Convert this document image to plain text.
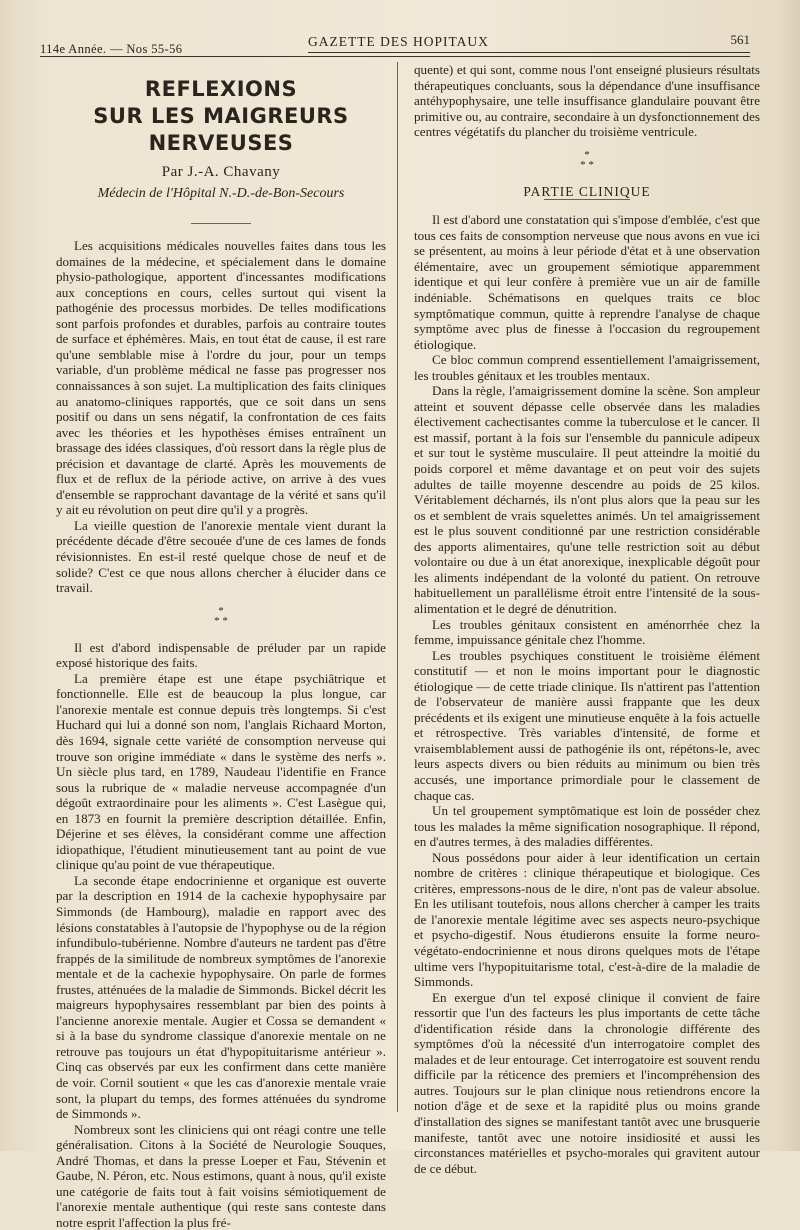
114e Année. — Nos 55-56	GAZETTE DES HOPITAUX	561
REFLEXIONS
SUR LES MAIGREURS NERVEUSES
Par J.-A. Chavany
Médecin de l'Hôpital N.-D.-de-Bon-Secours

Les acquisitions médicales nouvelles faites dans tous les domaines de la médecine, et spécialement dans le domaine physio-pathologique, apportent d'incessantes modifications aux conceptions en cours, celles surtout qui visent la pathogénie des processus morbides. De telles modifications sont parfois profondes et durables, parfois au contraire toutes de surface et éphémères. Mais, en tout état de cause, il est rare qu'une semblable mise à l'ordre du jour, pour un temps variable, d'un problème médical ne fasse pas progresser nos connaissances à son sujet. La multiplication des faits cliniques au anatomo-cliniques rapportés, que ce soit dans un sens positif ou dans un sens négatif, la confrontation de ces faits avec les théories et les hypothèses émises entraînent un brassage des idées classiques, d'où ressort dans la règle plus de précision et davantage de clarté. Après les mouvements de flux et de reflux de la période active, on arrive à des vues d'ensemble se rapprochant davantage de la vérité et sans qu'il y ait eu révolution on peut dire qu'il y a progrès.

La vieille question de l'anorexie mentale vient durant la précédente décade d'être secouée d'une de ces lames de fonds révisionnistes. En est-il resté quelque chose de neuf et de solide? C'est ce que nous allons chercher à élucider dans ce travail.

*
* *

Il est d'abord indispensable de préluder par un rapide exposé historique des faits.

La première étape est une étape psychiâtrique et fonctionnelle. Elle est de beaucoup la plus longue, car l'anorexie mentale est connue depuis très longtemps. Si c'est Huchard qui lui a donné son nom, l'anglais Richaard Morton, dès 1694, signale cette variété de consomption nerveuse qui trouve son origine immédiate « dans le système des nerfs ». Un siècle plus tard, en 1789, Naudeau l'identifie en France sous la rubrique de « maladie nerveuse accompagnée d'un dégoût extraordinaire pour les aliments ». C'est Lasègue qui, en 1873 en fournit la première description détaillée. Enfin, Déjerine et ses élèves, la considérant comme une affection idiopathique, l'étudient minutieusement tant au point de vue clinique qu'au point de vue thérapeutique.

La seconde étape endocrinienne et organique est ouverte par la description en 1914 de la cachexie hypophysaire par Simmonds (de Hambourg), maladie en rapport avec des lésions constatables à l'autopsie de l'hypophyse ou de la région infundibulo-tubérienne. Nombre d'auteurs ne tardent pas d'être frappés de la similitude de nombreux symptômes de l'anorexie mentale et de la cachexie hypophysaire. On parle de formes frustes, atténuées de la maladie de Simmonds. Bickel décrit les maigreurs hypophysaires ressemblant par bien des points à l'ancienne anorexie mentale. Augier et Cossa se demandent « si à la base du syndrome classique d'anorexie mentale on ne retrouve pas toujours un état d'hypopituitarisme antérieur ». Cinq cas observés par eux les confirment dans cette manière de voir. Cornil soutient « que les cas d'anorexie mentale vraie sont, la plupart du temps, des formes atténuées du syndrome de Simmonds ».

Nombreux sont les cliniciens qui ont réagi contre une telle généralisation. Citons à la Société de Neurologie Souques, André Thomas, et dans la presse Loeper et Fau, Stévenin et Gaube, N. Péron, etc. Nous estimons, quant à nous, qu'il existe une catégorie de faits tout à fait voisins sémiotiquement de l'anorexie mentale authentique (qui reste sans conteste dans notre esprit l'affection la plus fré-

quente) et qui sont, comme nous l'ont enseigné plusieurs résultats thérapeutiques concluants, sous la dépendance d'une insuffisance antéhypophysaire, une telle insuffisance glandulaire pouvant être primitive ou, au contraire, secondaire à un dysfonctionnement des centres végétatifs du plancher du troisième ventricule.

*
* *
PARTIE CLINIQUE

Il est d'abord une constatation qui s'impose d'emblée, c'est que tous ces faits de consomption nerveuse que nous avons en vue ici se présentent, au moins à leur période d'état et à une observation élémentaire, avec un groupement sémiotique apparemment identique et qui leur confère à première vue un air de famille indéniable. Schématisons en quelques traits ce bloc symptômatique commun, quitte à reprendre l'analyse de chaque symptôme avec plus de finesse à l'occasion du regroupement étiologique.

Ce bloc commun comprend essentiellement l'amaigrissement, les troubles génitaux et les troubles mentaux.

Dans la règle, l'amaigrissement domine la scène. Son ampleur atteint et souvent dépasse celle observée dans les maladies électivement cachectisantes comme la tuberculose et le cancer. Il est massif, portant à la fois sur l'ensemble du pannicule adipeux et sur tout le système musculaire. Il peut atteindre la moitié du poids corporel et même davantage et on peut voir des sujets adultes de taille moyenne descendre au poids de 25 kilos. Véritablement décharnés, ils n'ont plus alors que la peau sur les os et semblent de vrais squelettes animés. Un tel amaigrissement est le plus souvent conditionné par une restriction considérable des apports alimentaires, qu'une telle restriction soit au début volontaire ou due à un état anorexique, inexplicable dégoût pour les aliments indépendant de la volonté du patient. On retrouve habituellement un parallélisme étroit entre l'intensité de la sous-alimentation et le degré de dénutrition.

Les troubles génitaux consistent en aménorrhée chez la femme, impuissance génitale chez l'homme.

Les troubles psychiques constituent le troisième élément constitutif — et non le moins important pour le diagnostic étiologique — de cette triade clinique. Ils n'attirent pas l'attention de l'observateur de manière aussi frappante que les deux précédents et ils exigent une minutieuse enquête à la fois actuelle et rétrospective. Très variables d'intensité, de forme et vraisemblablement aussi de pathogénie ils ont, répétons-le, avec leurs aspects divers ou bien réduits au minimum ou bien très accusés, une importance primordiale pour le classement de chaque cas.

Un tel groupement symptômatique est loin de posséder chez tous les malades la même signification nosographique. Il répond, en d'autres termes, à des maladies différentes.

Nous possédons pour aider à leur identification un certain nombre de critères : clinique thérapeutique et biologique. Ces critères, empressons-nous de le dire, n'ont pas de valeur absolue. En les utilisant toutefois, nous allons chercher à camper les traits de l'anorexie mentale légitime avec ses aspects neuro-psychique et psycho-digestif. Nous étudierons ensuite la forme neuro-végétato-endocrinienne et nous dirons quelques mots de l'étape ultime vers l'hypopituitarisme total, c'est-à-dire de la maladie de Simmonds.

En exergue d'un tel exposé clinique il convient de faire ressortir que l'un des facteurs les plus importants de cette tâche d'identification réside dans la chronologie différente des symptômes d'où la nécessité d'un interrogatoire complet des malades et de leur entourage. Cet interrogatoire est souvent rendu difficile par la réticence des premiers et l'incompréhension des autres. Toujours sur le plan clinique nous retiendrons encore la notion d'âge et de sexe et la rapidité plus ou moins grande d'installation des signes se manifestant tantôt avec une brusquerie manifeste, tantôt avec une notoire insidiosité et aussi les circonstances matérielles et psycho-morales qui gravitent autour de ce début.
